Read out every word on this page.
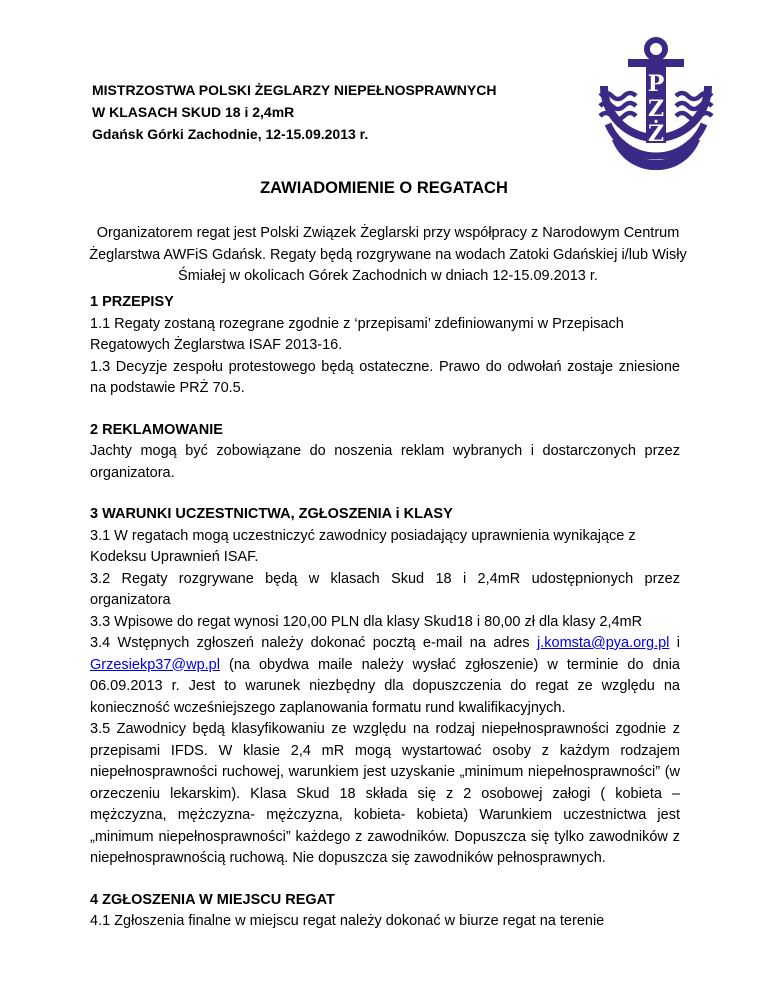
MISTRZOSTWA POLSKI ŻEGLARZY NIEPEŁNOSPRAWNYCH
W KLASACH SKUD 18 i 2,4mR
Gdańsk Górki Zachodnie, 12-15.09.2013 r.
P
Z
Ż
ZAWIADOMIENIE O REGATACH
Organizatorem regat jest Polski Związek Żeglarski przy współpracy z Narodowym Centrum Żeglarstwa AWFiS Gdańsk. Regaty będą rozgrywane na wodach Zatoki Gdańskiej i/lub Wisły Śmiałej w okolicach Górek Zachodnich w dniach 12-15.09.2013 r.
1 PRZEPISY
1.1 Regaty zostaną rozegrane zgodnie z ‘przepisami’ zdefiniowanymi w Przepisach Regatowych Żeglarstwa ISAF 2013-16.
1.3 Decyzje zespołu protestowego będą ostateczne. Prawo do odwołań zostaje zniesione na podstawie PRŻ 70.5.
2 REKLAMOWANIE
Jachty mogą być zobowiązane do noszenia reklam wybranych i dostarczonych przez organizatora.
3 WARUNKI UCZESTNICTWA, ZGŁOSZENIA i KLASY
3.1 W regatach mogą uczestniczyć zawodnicy posiadający uprawnienia wynikające z Kodeksu Uprawnień ISAF.
3.2 Regaty rozgrywane będą w klasach Skud 18 i 2,4mR udostępnionych przez organizatora
3.3 Wpisowe do regat wynosi 120,00 PLN dla klasy Skud18 i 80,00 zł dla klasy 2,4mR
3.4 Wstępnych zgłoszeń należy dokonać pocztą e-mail na adres j.komsta@pya.org.pl i Grzesiekp37@wp.pl (na obydwa maile należy wysłać zgłoszenie) w terminie do dnia 06.09.2013 r. Jest to warunek niezbędny dla dopuszczenia do regat ze względu na konieczność wcześniejszego zaplanowania formatu rund kwalifikacyjnych.
3.5 Zawodnicy będą klasyfikowaniu ze względu na rodzaj niepełnosprawności zgodnie z przepisami IFDS. W klasie 2,4 mR mogą wystartować osoby z każdym rodzajem niepełnosprawności ruchowej, warunkiem jest uzyskanie „minimum niepełnosprawności” (w orzeczeniu lekarskim). Klasa Skud 18 składa się z 2 osobowej załogi ( kobieta – mężczyzna, mężczyzna- mężczyzna, kobieta- kobieta) Warunkiem uczestnictwa jest „minimum niepełnosprawności” każdego z zawodników. Dopuszcza się tylko zawodników z niepełnosprawnością ruchową. Nie dopuszcza się zawodników pełnosprawnych.
4 ZGŁOSZENIA W MIEJSCU REGAT
4.1 Zgłoszenia finalne w miejscu regat należy dokonać w biurze regat na terenie
